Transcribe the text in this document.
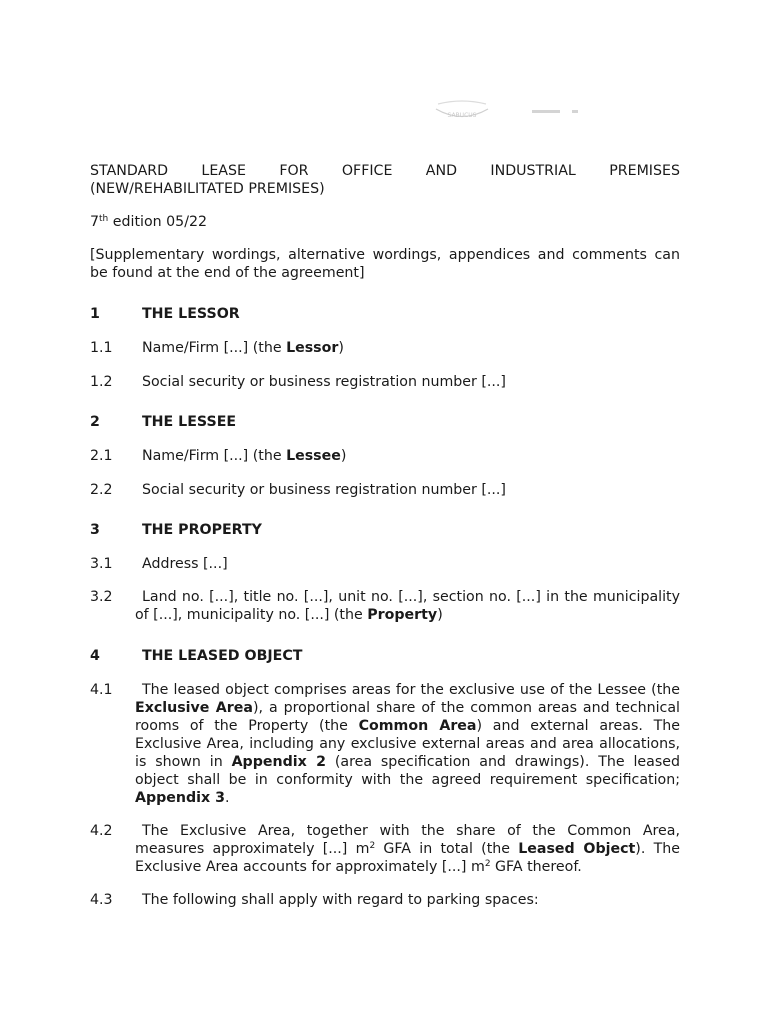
SABUCUS
STANDARD LEASE FOR OFFICE AND INDUSTRIAL PREMISES
(NEW/REHABILITATED PREMISES)
7th edition 05/22
[Supplementary wordings, alternative wordings, appendices and comments can be found at the end of the agreement]
1	THE LESSOR
1.1	Name/Firm [...] (the Lessor)
1.2	Social security or business registration number [...]
2	THE LESSEE
2.1	Name/Firm [...] (the Lessee)
2.2	Social security or business registration number [...]
3	THE PROPERTY
3.1	Address [...]
3.2	Land no. [...], title no. [...], unit no. [...], section no. [...] in the municipality of [...], municipality no. [...] (the Property)
4	THE LEASED OBJECT
4.1	The leased object comprises areas for the exclusive use of the Lessee (the Exclusive Area), a proportional share of the common areas and technical rooms of the Property (the Common Area) and external areas. The Exclusive Area, including any exclusive external areas and area allocations, is shown in Appendix 2 (area specification and drawings). The leased object shall be in conformity with the agreed requirement specification; Appendix 3.
4.2	The Exclusive Area, together with the share of the Common Area, measures approximately [...] $m^2$ GFA in total (the Leased Object). The Exclusive Area accounts for approximately [...] $m^2$ GFA thereof.
4.3	The following shall apply with regard to parking spaces:
